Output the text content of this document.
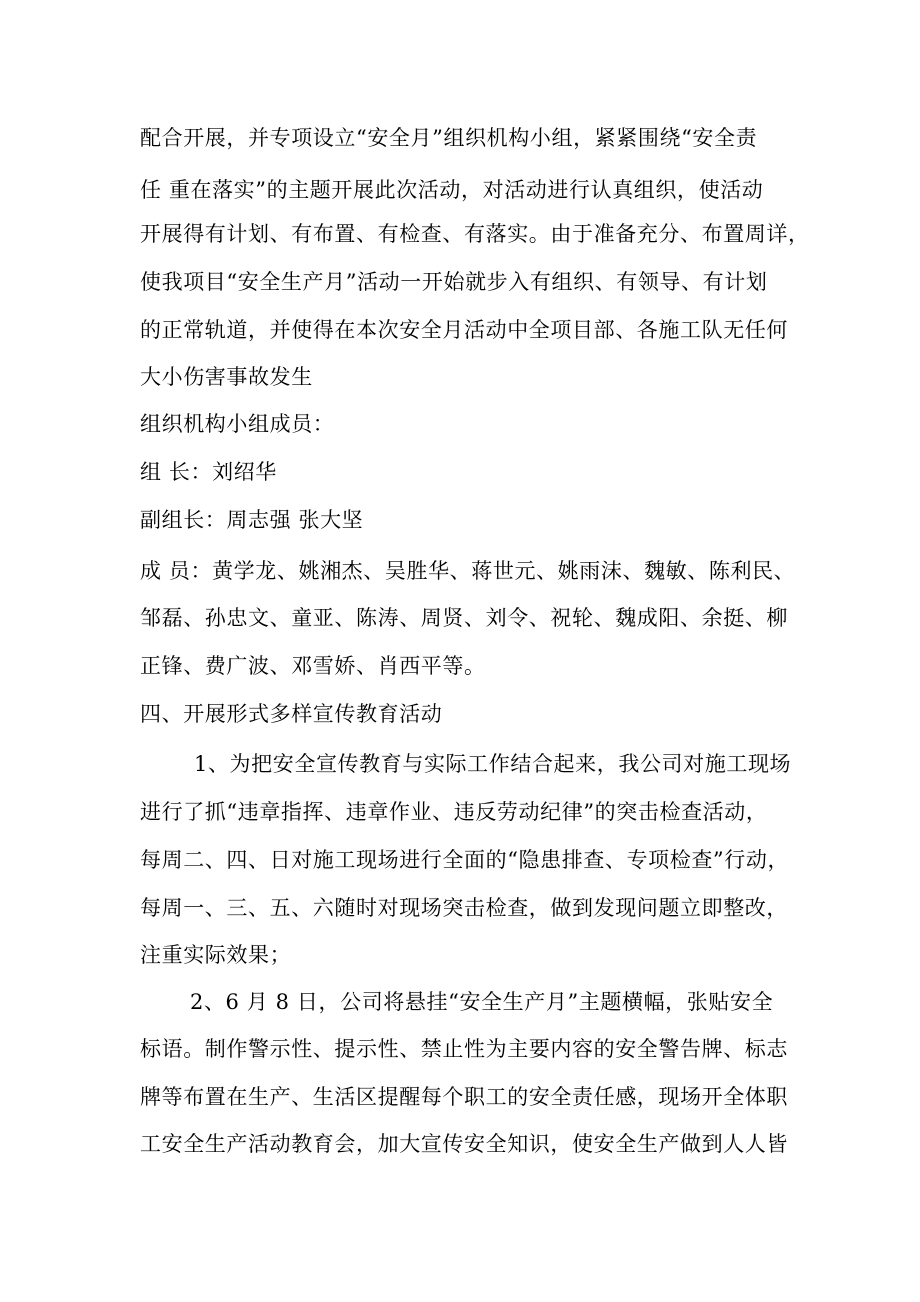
配合开展，并专项设立“安全月”组织机构小组，紧紧围绕“安全责
任 重在落实”的主题开展此次活动，对活动进行认真组织，使活动
开展得有计划、有布置、有检查、有落实。由于准备充分、布置周详，
使我项目“安全生产月”活动一开始就步入有组织、有领导、有计划
的正常轨道，并使得在本次安全月活动中全项目部、各施工队无任何
大小伤害事故发生
组织机构小组成员：
组 长：刘绍华
副组长：周志强 张大坚
成 员：黄学龙、姚湘杰、吴胜华、蒋世元、姚雨沫、魏敏、陈利民、
邹磊、孙忠文、童亚、陈涛、周贤、刘令、祝轮、魏成阳、余挺、柳
正锋、费广波、邓雪娇、肖西平等。
四、开展形式多样宣传教育活动
1、为把安全宣传教育与实际工作结合起来，我公司对施工现场
进行了抓“违章指挥、违章作业、违反劳动纪律”的突击检查活动，
每周二、四、日对施工现场进行全面的“隐患排查、专项检查”行动，
每周一、三、五、六随时对现场突击检查，做到发现问题立即整改，
注重实际效果；
2、6 月 8 日，公司将悬挂“安全生产月”主题横幅，张贴安全
标语。制作警示性、提示性、禁止性为主要内容的安全警告牌、标志
牌等布置在生产、生活区提醒每个职工的安全责任感，现场开全体职
工安全生产活动教育会，加大宣传安全知识，使安全生产做到人人皆
